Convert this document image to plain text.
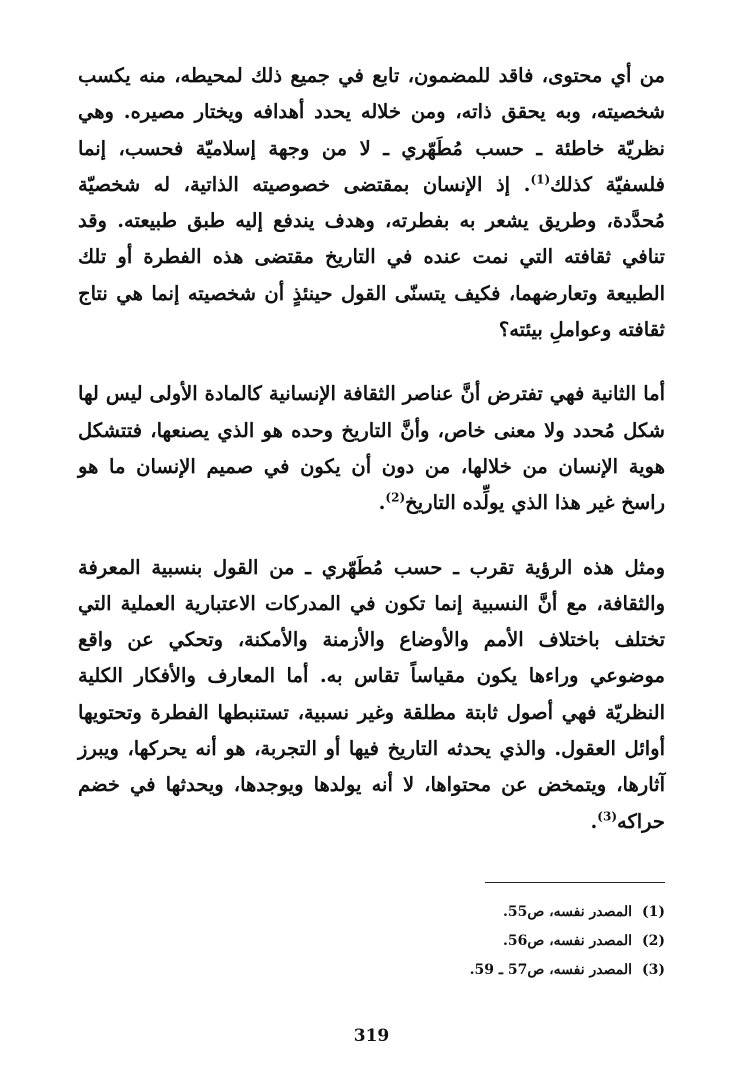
من أي محتوى، فاقد للمضمون، تابع في جميع ذلك لمحيطه، منه يكسب شخصيته، وبه يحقق ذاته، ومن خلاله يحدد أهدافه ويختار مصيره. وهي نظريّة خاطئة ـ حسب مُطَهّري ـ لا من وجهة إسلاميّة فحسب، إنما فلسفيّة كذلك$^{(1)}$. إذ الإنسان بمقتضى خصوصيته الذاتية، له شخصيّة مُحدَّدة، وطريق يشعر به بفطرته، وهدف يندفع إليه طبق طبيعته. وقد تنافي ثقافته التي نمت عنده في التاريخ مقتضى هذه الفطرة أو تلك الطبيعة وتعارضهما، فكيف يتسنّى القول حينئذٍ أن شخصيته إنما هي نتاج ثقافته وعواملِ بيئته؟

أما الثانية فهي تفترض أنَّ عناصر الثقافة الإنسانية كالمادة الأولى ليس لها شكل مُحدد ولا معنى خاص، وأنَّ التاريخ وحده هو الذي يصنعها، فتتشكل هوية الإنسان من خلالها، من دون أن يكون في صميم الإنسان ما هو راسخ غير هذا الذي يولِّده التاريخ$^{(2)}$.

ومثل هذه الرؤية تقرب ـ حسب مُطَهّري ـ من القول بنسبية المعرفة والثقافة، مع أنَّ النسبية إنما تكون في المدركات الاعتبارية العملية التي تختلف باختلاف الأمم والأوضاع والأزمنة والأمكنة، وتحكي عن واقع موضوعي وراءها يكون مقياساً تقاس به. أما المعارف والأفكار الكلية النظريّة فهي أصول ثابتة مطلقة وغير نسبية، تستنبطها الفطرة وتحتويها أوائل العقول. والذي يحدثه التاريخ فيها أو التجربة، هو أنه يحركها، ويبرز آثارها، ويتمخض عن محتواها، لا أنه يولدها ويوجدها، ويحدثها في خضم حراكه$^{(3)}$.

(1)المصدر نفسه، ص55.
(2)المصدر نفسه، ص56.
(3)المصدر نفسه، ص57 ـ 59.
319
